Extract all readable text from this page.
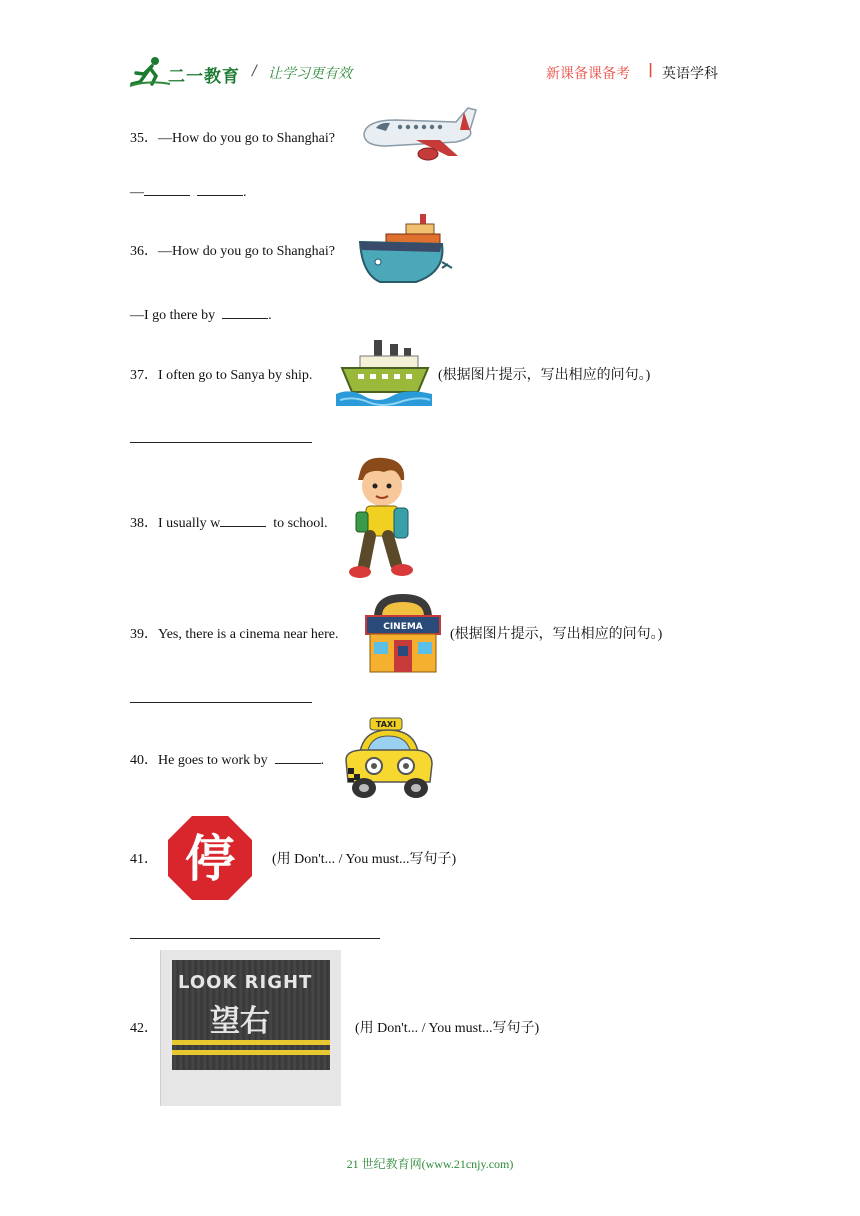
二一教育 / 让学习更有效	新课备课备考 | 英语学科
35．—How do you go to Shanghai?
—	.
36．—How do you go to Shanghai?
—I go there by	.
37．I often go to Sanya by ship.	(根据图片提示，写出相应的问句。)
38．I usually w	to school.
39．Yes, there is a cinema near here.	CINEMA (根据图片提示，写出相应的问句。)
40．He goes to work by	.
TAXI
41． 停	(用 Don't... / You must...写句子)
42．
LOOK RIGHT
望右	(用 Don't... / You must...写句子)
21 世纪教育网(www.21cnjy.com)
